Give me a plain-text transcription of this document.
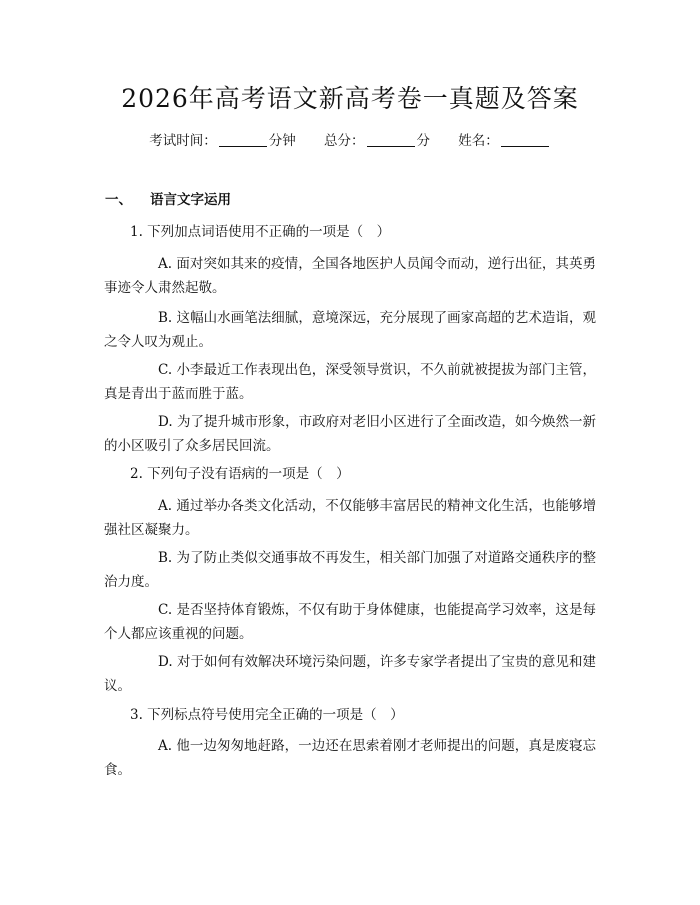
2026年高考语文新高考卷一真题及答案
考试时间：	分钟 总分：	分 姓名：
一、 语言文字运用
1. 下列加点词语使用不正确的一项是（　）
A. 面对突如其来的疫情，全国各地医护人员闻令而动，逆行出征，其英勇事迹令人肃然起敬。
B. 这幅山水画笔法细腻，意境深远，充分展现了画家高超的艺术造诣，观之令人叹为观止。
C. 小李最近工作表现出色，深受领导赏识，不久前就被提拔为部门主管，真是青出于蓝而胜于蓝。
D. 为了提升城市形象，市政府对老旧小区进行了全面改造，如今焕然一新的小区吸引了众多居民回流。
2. 下列句子没有语病的一项是（　）
A. 通过举办各类文化活动，不仅能够丰富居民的精神文化生活，也能够增强社区凝聚力。
B. 为了防止类似交通事故不再发生，相关部门加强了对道路交通秩序的整治力度。
C. 是否坚持体育锻炼，不仅有助于身体健康，也能提高学习效率，这是每个人都应该重视的问题。
D. 对于如何有效解决环境污染问题，许多专家学者提出了宝贵的意见和建议。
3. 下列标点符号使用完全正确的一项是（　）
A. 他一边匆匆地赶路，一边还在思索着刚才老师提出的问题，真是废寝忘食。
